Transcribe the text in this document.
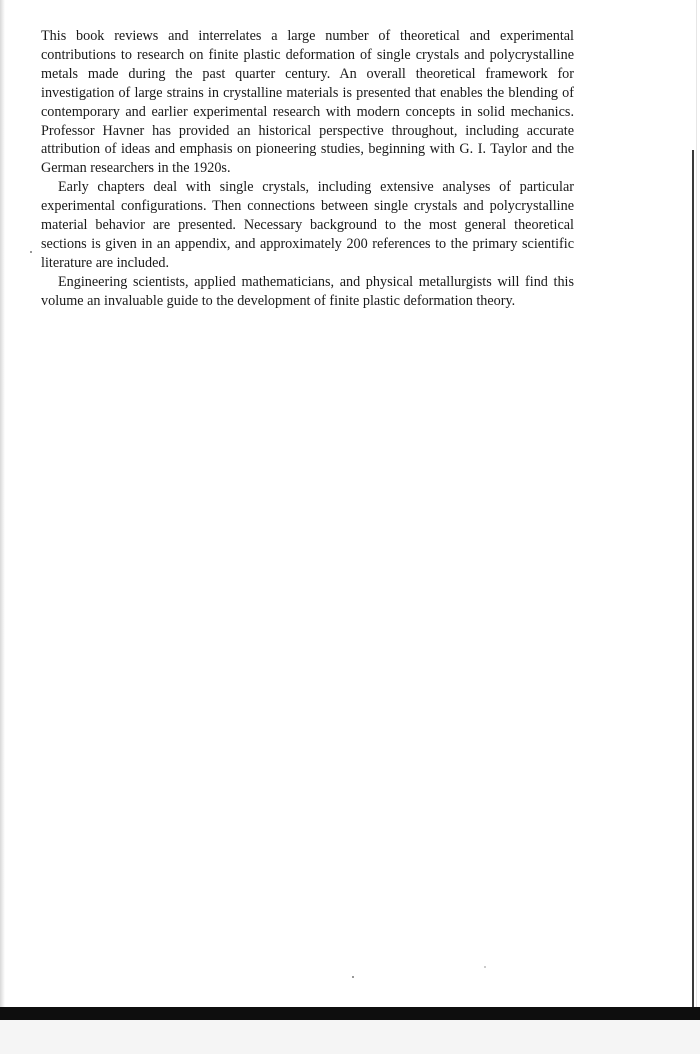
This book reviews and interrelates a large number of theoretical and experimental contributions to research on finite plastic deformation of single crystals and polycrystalline metals made during the past quarter century. An overall theoretical framework for investigation of large strains in crystalline materials is presented that enables the blending of contemporary and earlier experimental research with modern concepts in solid mechanics. Professor Havner has provided an historical perspective throughout, including accurate attribution of ideas and emphasis on pioneering studies, beginning with G. I. Taylor and the German researchers in the 1920s.

Early chapters deal with single crystals, including extensive analyses of particular experimental configurations. Then connections between single crystals and polycrystalline material behavior are presented. Necessary background to the most general theoretical sections is given in an appendix, and approximately 200 references to the primary scientific literature are included.

Engineering scientists, applied mathematicians, and physical metallurgists will find this volume an invaluable guide to the development of finite plastic deformation theory.
